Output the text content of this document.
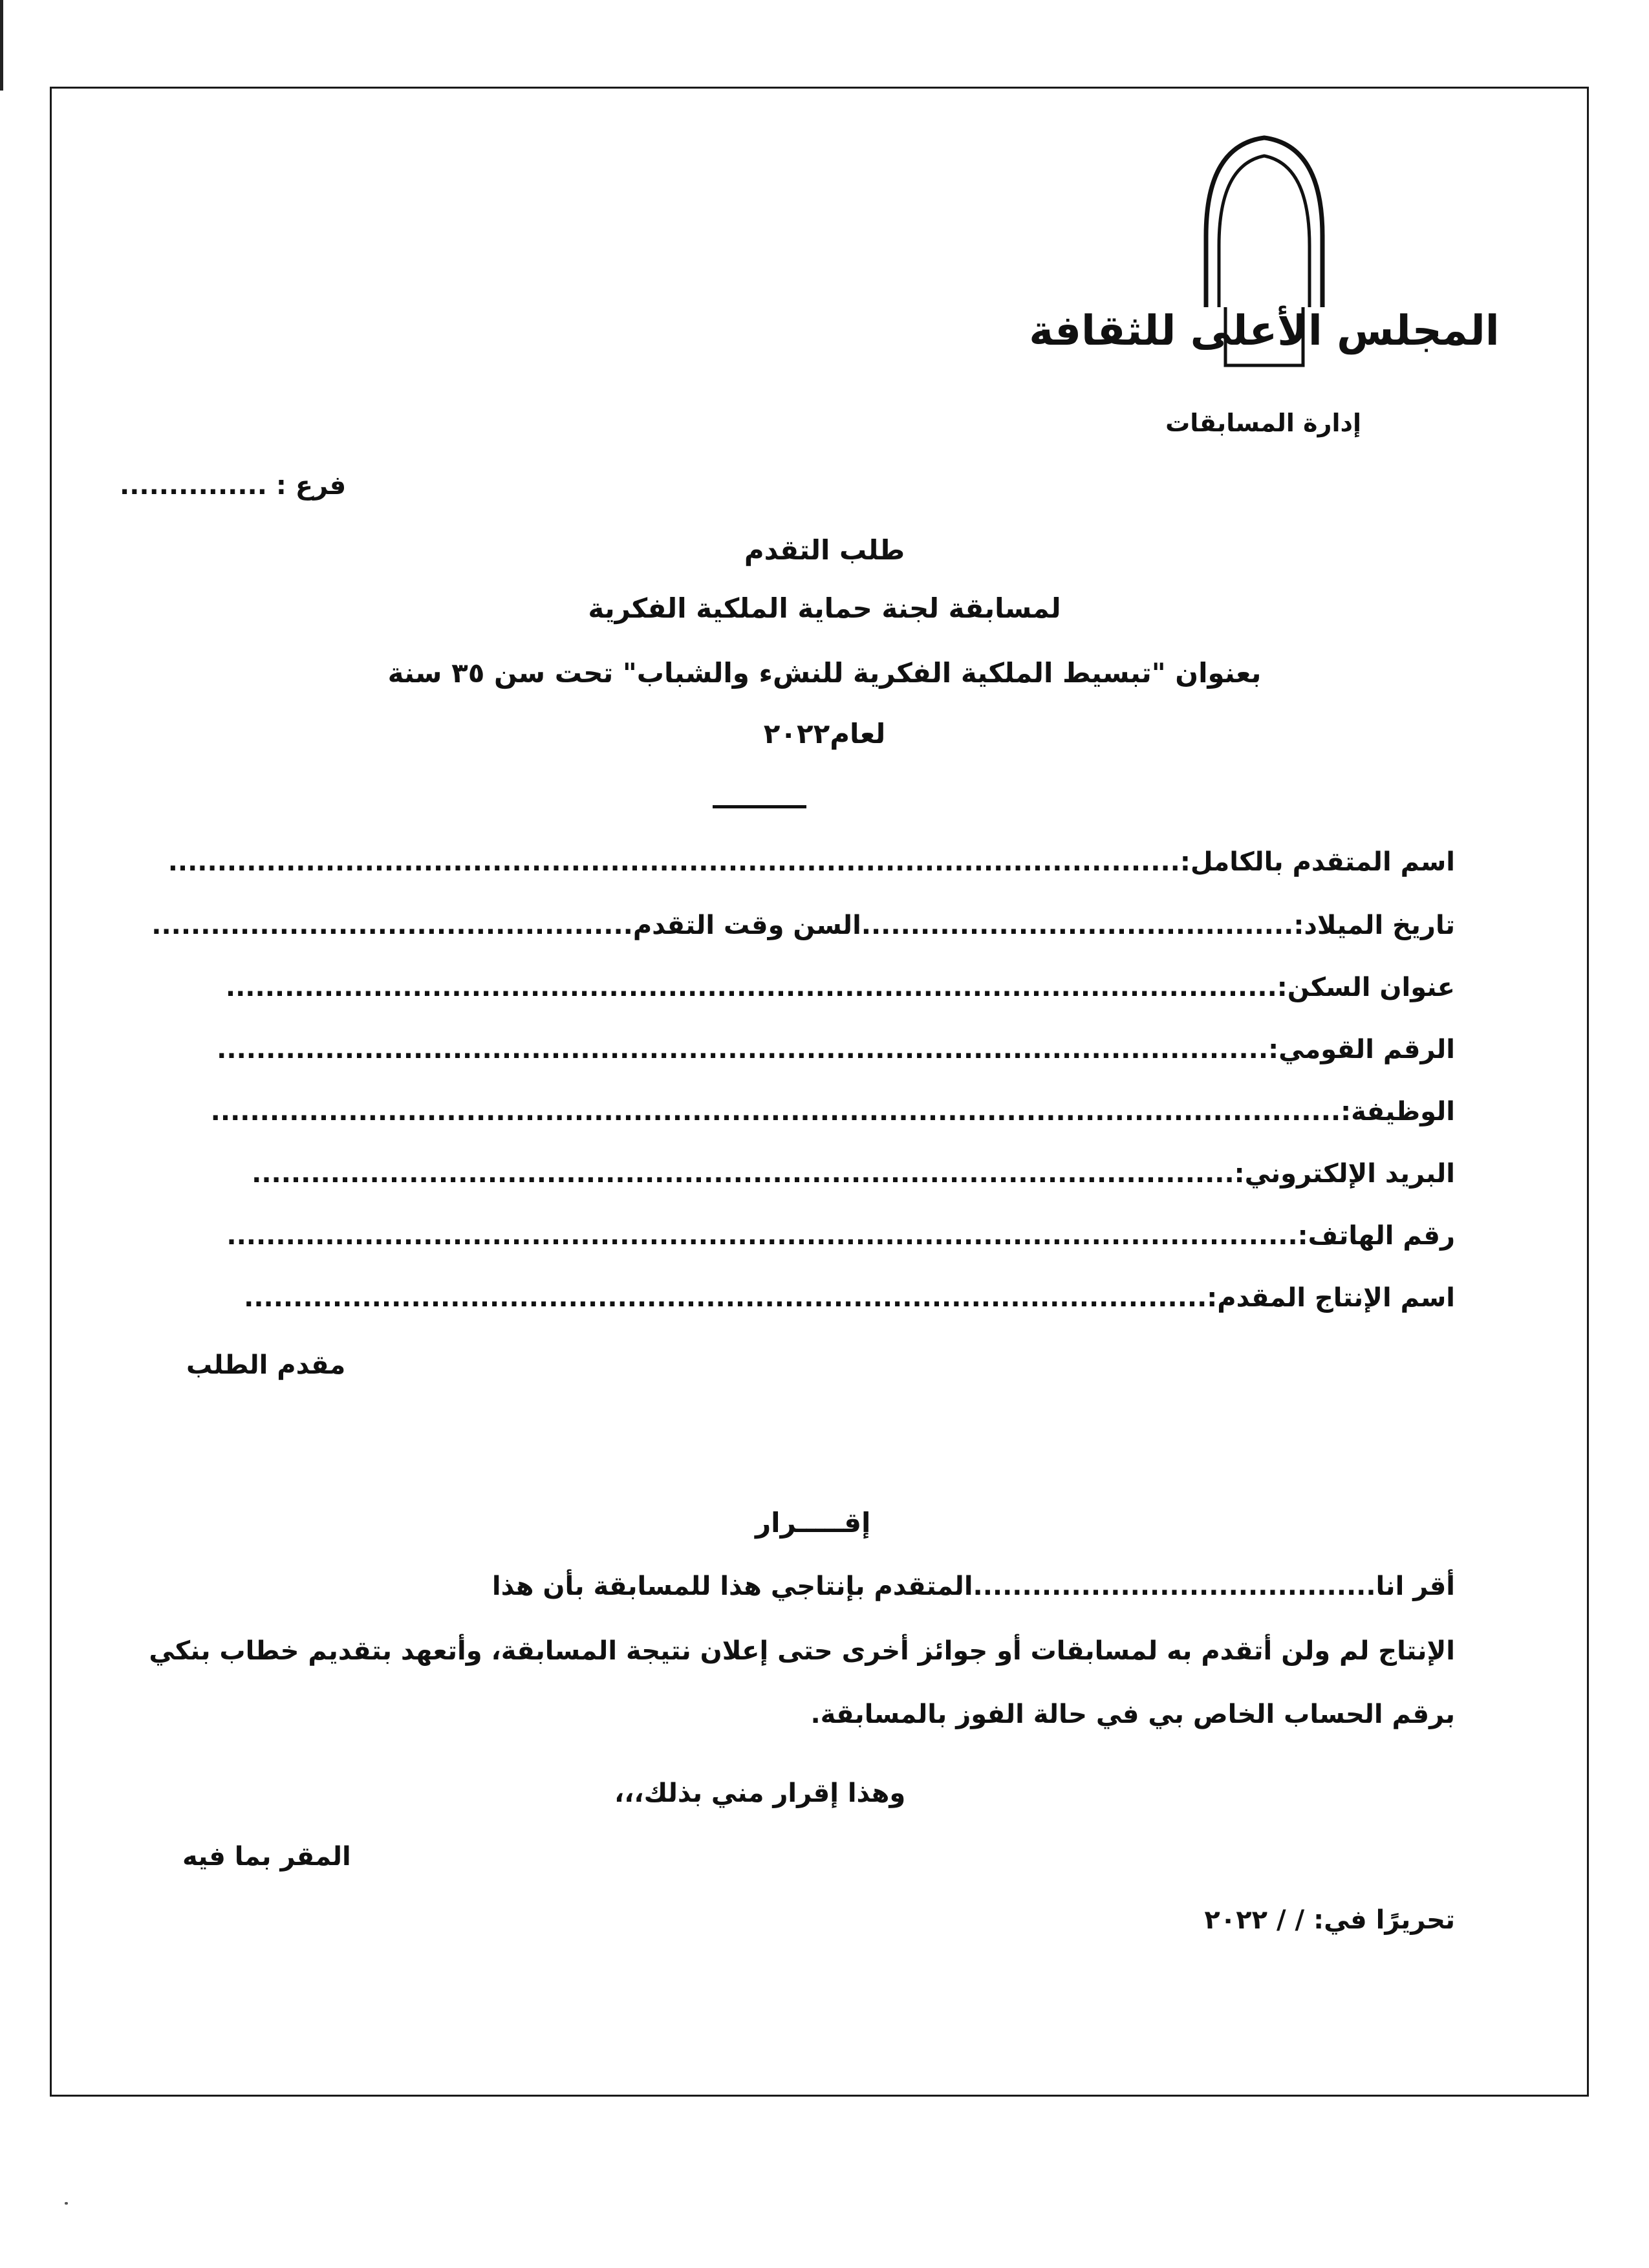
المجلس الأعلى للثقافة
إدارة المسابقات
فرع : ...............
طلب التقدم
لمسابقة لجنة حماية الملكية الفكرية
بعنوان "تبسيط الملكية الفكرية للنشء والشباب" تحت سن ٣٥ سنة
لعام٢٠٢٢
اسم المتقدم بالكامل:.......................................................................................................
تاريخ الميلاد:............................................السن وقت التقدم.................................................
عنوان السكن:...........................................................................................................
الرقم القومي:...........................................................................................................
الوظيفة:...................................................................................................................
البريد الإلكتروني:....................................................................................................
رقم الهاتف:.............................................................................................................
اسم الإنتاج المقدم:..................................................................................................
مقدم الطلب
إقـــــرار
أقر انا.........................................المتقدم بإنتاجي هذا للمسابقة بأن هذا
الإنتاج لم ولن أتقدم به لمسابقات أو جوائز أخرى حتى إعلان نتيجة المسابقة، وأتعهد بتقديم خطاب بنكي
برقم الحساب الخاص بي في حالة الفوز بالمسابقة.
وهذا إقرار مني بذلك،،،
المقر بما فيه
تحريرًا في: / / ٢٠٢٢
